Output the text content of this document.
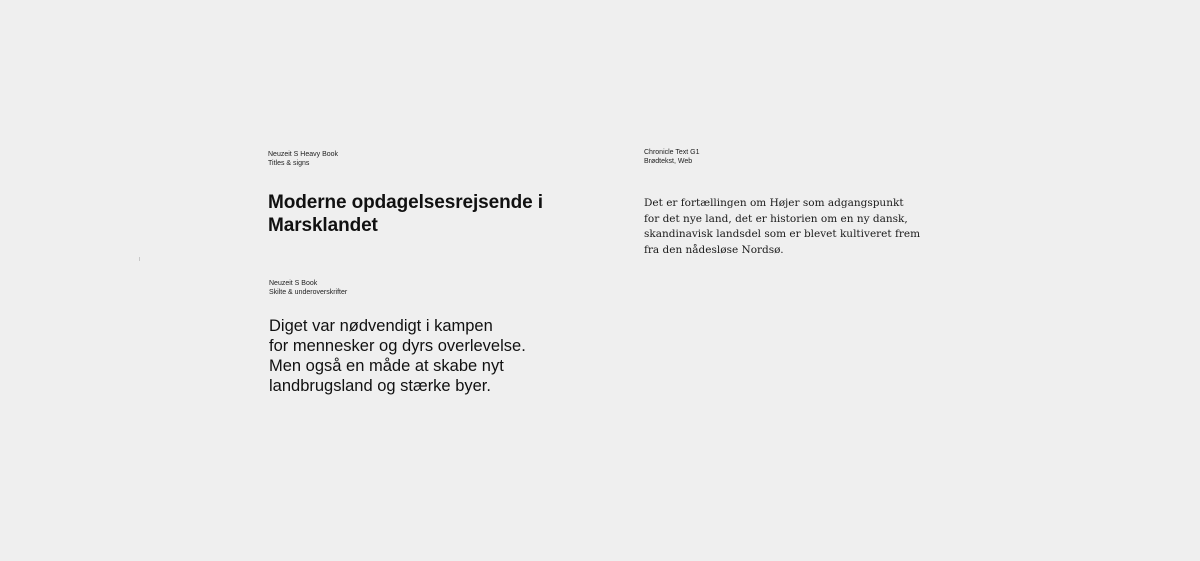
Neuzeit S Heavy Book
Titles & signs
Moderne opdagelsesrejsende i
Marsklandet
Neuzeit S Book
Skilte & underoverskrifter
Diget var nødvendigt i kampen
for mennesker og dyrs overlevelse.
Men også en måde at skabe nyt
landbrugsland og stærke byer.
Chronicle Text G1
Brødtekst, Web
Det er fortællingen om Højer som adgangspunkt
for det nye land, det er historien om en ny dansk,
skandinavisk landsdel som er blevet kultiveret frem
fra den nådesløse Nordsø.
